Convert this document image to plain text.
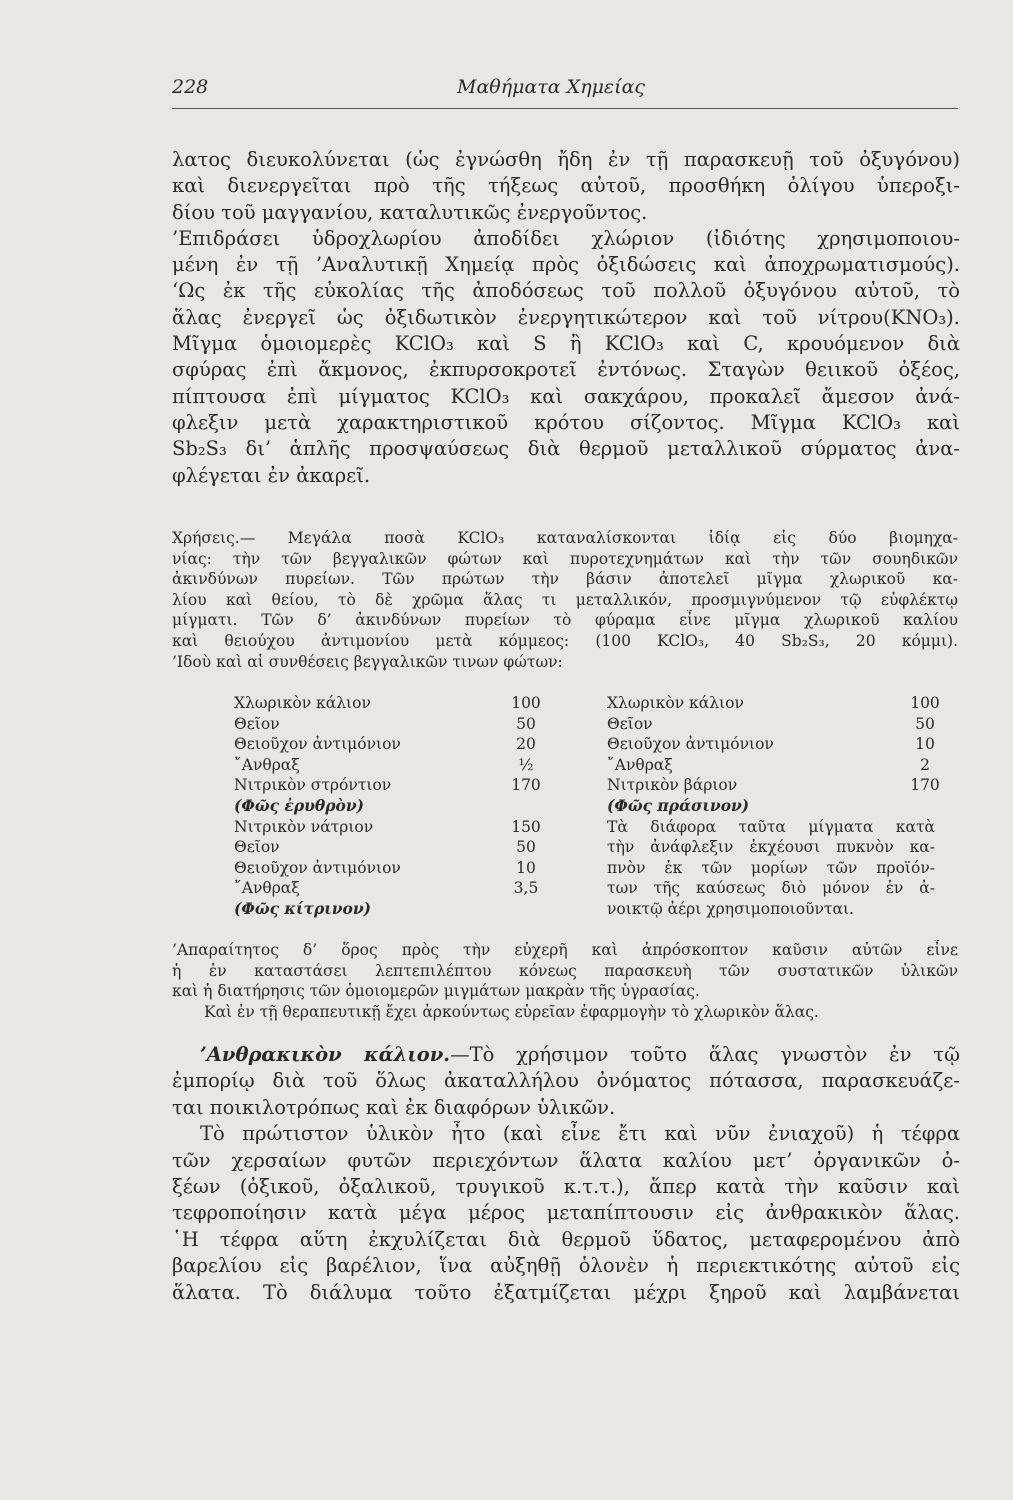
228	Μαθήματα Χημείας
λατος διευκολύνεται (ὡς ἐγνώσθη ἤδη ἐν τῇ παρασκευῇ τοῦ ὀξυγόνου)
καὶ διενεργεῖται πρὸ τῆς τήξεως αὐτοῦ, προσθήκη ὀλίγου ὑπεροξι-
δίου τοῦ μαγγανίου, καταλυτικῶς ἐνεργοῦντος.
’Επιδράσει ὑδροχλωρίου ἀποδίδει χλώριον (ἰδιότης χρησιμοποιου-
μένη ἐν τῇ ’Αναλυτικῇ Χημείᾳ πρὸς ὀξιδώσεις καὶ ἀποχρωματισμούς).
‘Ως ἐκ τῆς εὐκολίας τῆς ἀποδόσεως τοῦ πολλοῦ ὀξυγόνου αὐτοῦ, τὸ
ἅλας ἐνεργεῖ ὡς ὀξιδωτικὸν ἐνεργητικώτερον καὶ τοῦ νίτρου(KNO₃).
Μῖγμα ὁμοιομερὲς KClO₃ καὶ S ἢ KClO₃ καὶ C, κρουόμενον διὰ
σφύρας ἐπὶ ἄκμονος, ἐκπυρσοκροτεῖ ἐντόνως. Σταγὼν θειικοῦ ὀξέος,
πίπτουσα ἐπὶ μίγματος KClO₃ καὶ σακχάρου, προκαλεῖ ἄμεσον ἀνά-
φλεξιν μετὰ χαρακτηριστικοῦ κρότου σίζοντος. Μῖγμα KClO₃ καὶ
Sb₂S₃ δι’ ἁπλῆς προσψαύσεως διὰ θερμοῦ μεταλλικοῦ σύρματος ἀνα-
φλέγεται ἐν ἀκαρεῖ.
Χρήσεις.— Μεγάλα ποσὰ KClO₃ καταναλίσκονται ἰδίᾳ εἰς δύο βιομηχα-
νίας: τὴν τῶν βεγγαλικῶν φώτων καὶ πυροτεχνημάτων καὶ τὴν τῶν σουηδικῶν
ἀκινδύνων πυρείων. Τῶν πρώτων τὴν βάσιν ἀποτελεῖ μῖγμα χλωρικοῦ κα-
λίου καὶ θείου, τὸ δὲ χρῶμα ἅλας τι μεταλλικόν, προσμιγνύμενον τῷ εὐφλέκτῳ
μίγματι. Τῶν δ’ ἀκινδύνων πυρείων τὸ φύραμα εἶνε μῖγμα χλωρικοῦ καλίου
καὶ θειούχου ἀντιμονίου μετὰ κόμμεος: (100 KClO₃, 40 Sb₂S₃, 20 κόμμι).
’Ιδοὺ καὶ αἱ συνθέσεις βεγγαλικῶν τινων φώτων:
Χλωρικὸν κάλιον	100
Θεῖον	50
Θειοῦχον ἀντιμόνιον	20
῎Ανθραξ	½
Νιτρικὸν στρόντιον	170
(Φῶς ἐρυθρὸν)
Νιτρικὸν νάτριον	150
Θεῖον	50
Θειοῦχον ἀντιμόνιον	10
῎Ανθραξ	3,5
(Φῶς κίτρινον)
Χλωρικὸν κάλιον	100
Θεῖον	50
Θειοῦχον ἀντιμόνιον	10
῎Ανθραξ	2
Νιτρικὸν βάριον	170
(Φῶς πράσινον)
Τὰ διάφορα ταῦτα μίγματα κατὰ
τὴν ἀνάφλεξιν ἐκχέουσι πυκνὸν κα-
πνὸν ἐκ τῶν μορίων τῶν προϊόν-
των τῆς καύσεως διὸ μόνον ἐν ἀ-
νοικτῷ ἀέρι χρησιμοποιοῦνται.
’Απαραίτητος δ’ ὅρος πρὸς τὴν εὐχερῆ καὶ ἀπρόσκοπτον καῦσιν αὐτῶν εἶνε
ἡ ἐν καταστάσει λεπτεπιλέπτου κόνεως παρασκευὴ τῶν συστατικῶν ὑλικῶν
καὶ ἡ διατήρησις τῶν ὁμοιομερῶν μιγμάτων μακρὰν τῆς ὑγρασίας.
Καὶ ἐν τῇ θεραπευτικῇ ἔχει ἀρκούντως εὑρεῖαν ἐφαρμογὴν τὸ χλωρικὸν ἅλας.
’Ανθρακικὸν κάλιον.—Τὸ χρήσιμον τοῦτο ἅλας γνωστὸν ἐν τῷ
ἐμπορίῳ διὰ τοῦ ὅλως ἀκαταλλήλου ὀνόματος πότασσα, παρασκευάζε-
ται ποικιλοτρόπως καὶ ἐκ διαφόρων ὑλικῶν.
Τὸ πρώτιστον ὑλικὸν ἦτο (καὶ εἶνε ἔτι καὶ νῦν ἐνιαχοῦ) ἡ τέφρα
τῶν χερσαίων φυτῶν περιεχόντων ἅλατα καλίου μετ’ ὀργανικῶν ὀ-
ξέων (ὀξικοῦ, ὀξαλικοῦ, τρυγικοῦ κ.τ.τ.), ἅπερ κατὰ τὴν καῦσιν καὶ
τεφροποίησιν κατὰ μέγα μέρος μεταπίπτουσιν εἰς ἀνθρακικὸν ἅλας.
῾Η τέφρα αὕτη ἐκχυλίζεται διὰ θερμοῦ ὕδατος, μεταφερομένου ἀπὸ
βαρελίου εἰς βαρέλιον, ἵνα αὐξηθῇ ὁλονὲν ἡ περιεκτικότης αὐτοῦ εἰς
ἅλατα. Τὸ διάλυμα τοῦτο ἐξατμίζεται μέχρι ξηροῦ καὶ λαμβάνεται
